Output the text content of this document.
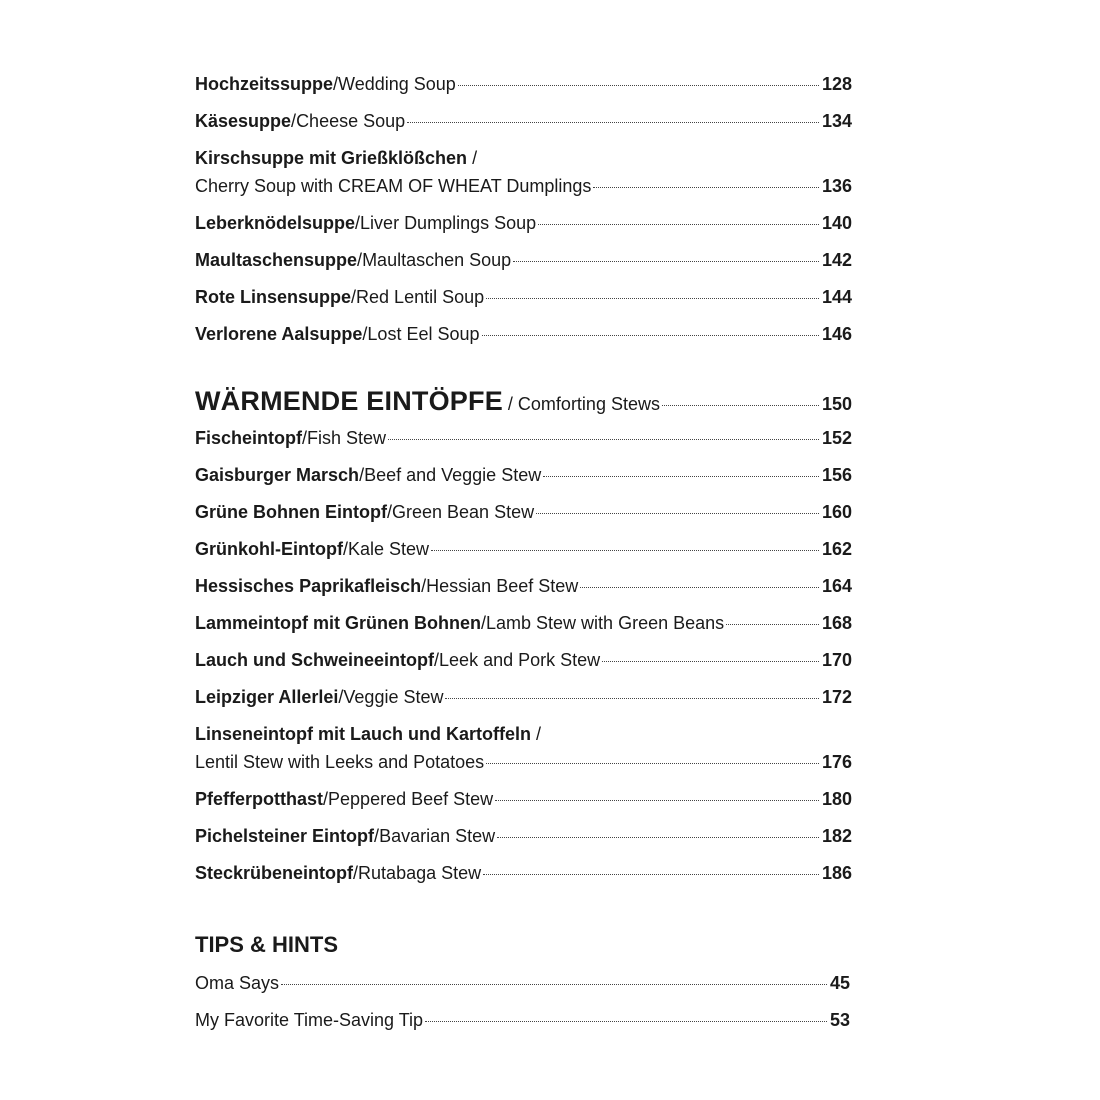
Hochzeitssuppe / Wedding Soup	128
Käsesuppe / Cheese Soup	134
Kirschsuppe mit Grießklößchen /
Cherry Soup with CREAM OF WHEAT Dumplings	136
Leberknödelsuppe / Liver Dumplings Soup	140
Maultaschensuppe / Maultaschen Soup	142
Rote Linsensuppe / Red Lentil Soup	144
Verlorene Aalsuppe / Lost Eel Soup	146
WÄRMENDE EINTÖPFE / Comforting Stews	150
Fischeintopf / Fish Stew	152
Gaisburger Marsch / Beef and Veggie Stew	156
Grüne Bohnen Eintopf / Green Bean Stew	160
Grünkohl-Eintopf / Kale Stew	162
Hessisches Paprikafleisch / Hessian Beef Stew	164
Lammeintopf mit Grünen Bohnen / Lamb Stew with Green Beans	168
Lauch und Schweineeintopf / Leek and Pork Stew	170
Leipziger Allerlei / Veggie Stew	172
Linseneintopf mit Lauch und Kartoffeln /
Lentil Stew with Leeks and Potatoes	176
Pfefferpotthast / Peppered Beef Stew	180
Pichelsteiner Eintopf / Bavarian Stew	182
Steckrübeneintopf / Rutabaga Stew	186
TIPS & HINTS
Oma Says	45
My Favorite Time-Saving Tip	53
